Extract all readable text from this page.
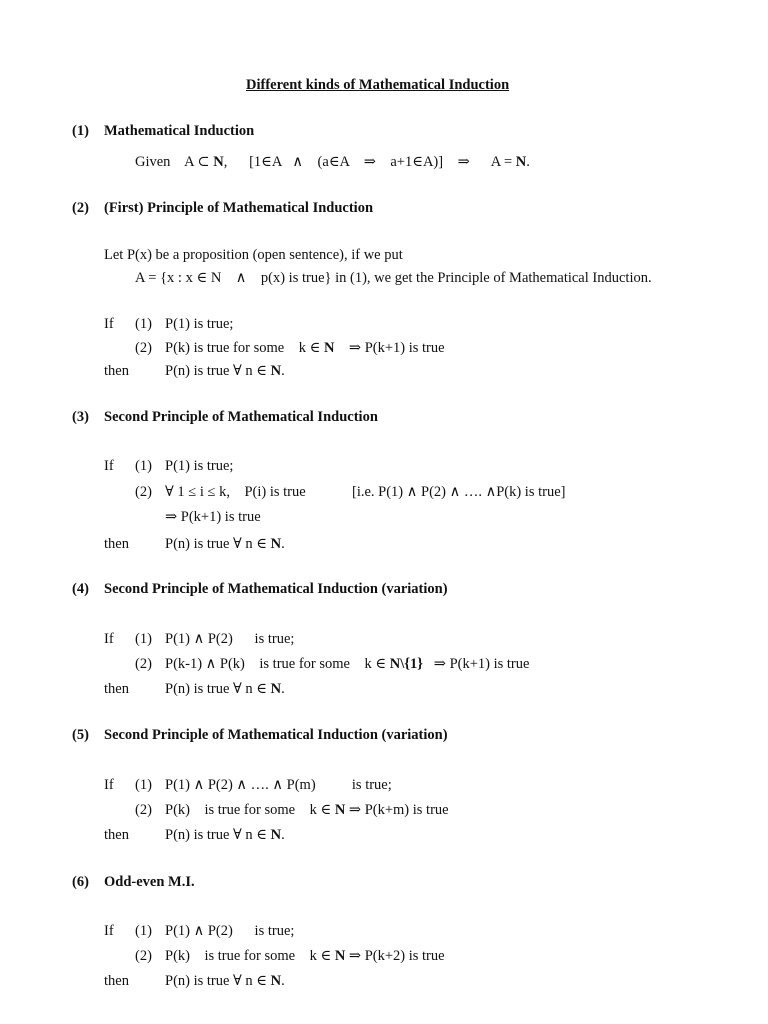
Different kinds of Mathematical Induction

(1) Mathematical Induction

Given    A ⊂ N,      [1∈A   ∧    (a∈A    ⇒    a+1∈A)]    ⇒      A = N.

(2) (First) Principle of Mathematical Induction

Let P(x) be a proposition (open sentence), if we put

A = {x : x ∈ N    ∧    p(x) is true} in (1), we get the Principle of Mathematical Induction.

If (1) P(1) is true;

(2) P(k) is true for some    k ∈ N    ⇒ P(k+1) is true

then P(n) is true ∀ n ∈ N.

(3) Second Principle of Mathematical Induction

If (1) P(1) is true;

(2) ∀ 1 ≤ i ≤ k,    P(i) is true	[i.e. P(1) ∧ P(2) ∧ …. ∧P(k) is true]

⇒ P(k+1) is true

then P(n) is true ∀ n ∈ N.

(4) Second Principle of Mathematical Induction (variation)

If (1) P(1) ∧ P(2)      is true;

(2) P(k-1) ∧ P(k)    is true for some    k ∈ N\{1}   ⇒ P(k+1) is true

then P(n) is true ∀ n ∈ N.

(5) Second Principle of Mathematical Induction (variation)

If (1) P(1) ∧ P(2) ∧ …. ∧ P(m)          is true;

(2) P(k)    is true for some    k ∈ N ⇒ P(k+m) is true

then P(n) is true ∀ n ∈ N.

(6) Odd-even M.I.

If (1) P(1) ∧ P(2)      is true;

(2) P(k)    is true for some    k ∈ N ⇒ P(k+2) is true

then P(n) is true ∀ n ∈ N.
